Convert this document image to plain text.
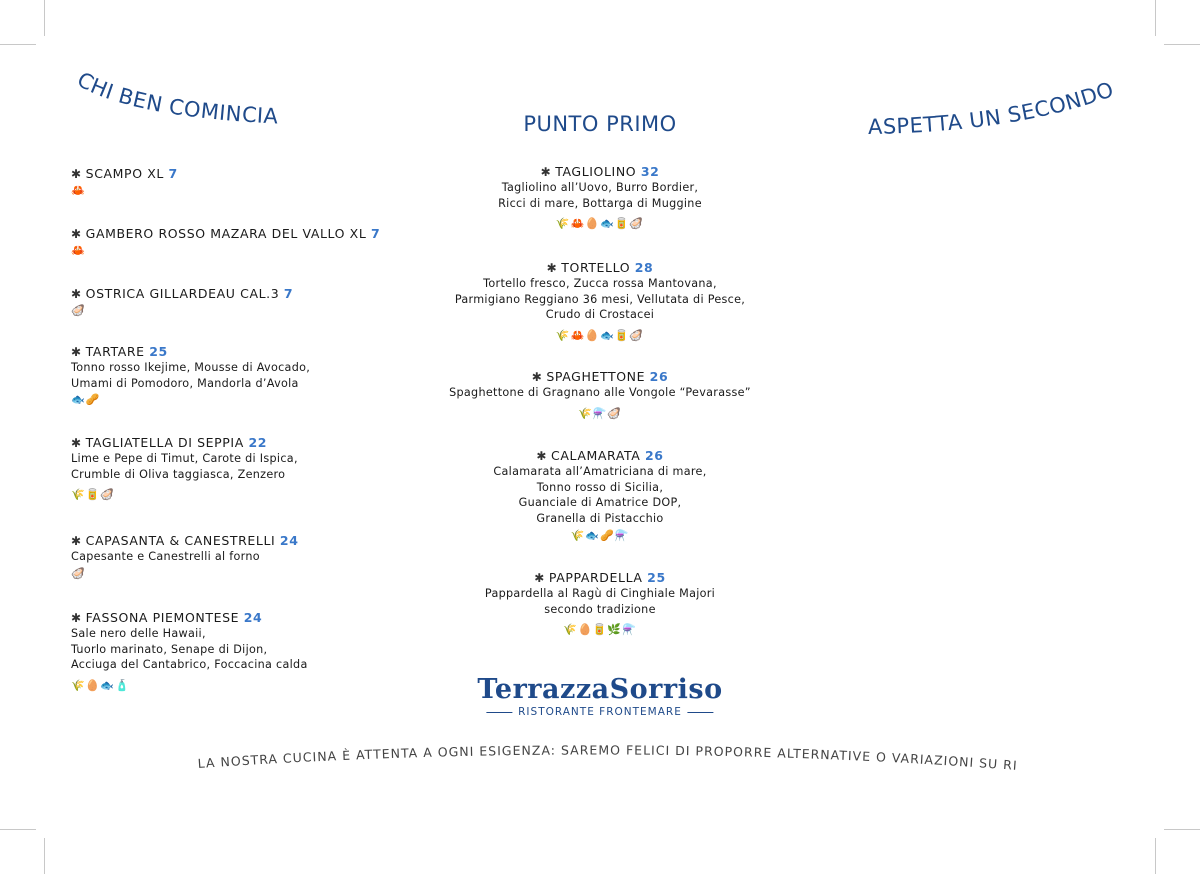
CHI BEN COMINCIA	PUNTO PRIMO	ASPETTA UN SECONDO
✱ SCAMPO XL 7
🦀
✱ GAMBERO ROSSO MAZARA DEL VALLO XL 7
🦀
✱ OSTRICA GILLARDEAU CAL.3 7
🦪
✱ TARTARE 25
Tonno rosso Ikejime, Mousse di Avocado,
Umami di Pomodoro, Mandorla d’Avola
🐟🥜
✱ TAGLIATELLA DI SEPPIA 22
Lime e Pepe di Timut, Carote di Ispica,
Crumble di Oliva taggiasca, Zenzero
🌾🥫🦪
✱ CAPASANTA & CANESTRELLI 24
Capesante e Canestrelli al forno
🦪
✱ FASSONA PIEMONTESE 24
Sale nero delle Hawaii,
Tuorlo marinato, Senape di Dijon,
Acciuga del Cantabrico, Foccacina calda
🌾🥚🐟🧴
✱ TAGLIOLINO 32
Tagliolino all’Uovo, Burro Bordier,
Ricci di mare, Bottarga di Muggine
🌾🦀🥚🐟🥫🦪
✱ TORTELLO 28
Tortello fresco, Zucca rossa Mantovana,
Parmigiano Reggiano 36 mesi, Vellutata di Pesce,
Crudo di Crostacei
🌾🦀🥚🐟🥫🦪
✱ SPAGHETTONE 26
Spaghettone di Gragnano alle Vongole “Pevarasse”
🌾⚗️🦪
✱ CALAMARATA 26
Calamarata all’Amatriciana di mare,
Tonno rosso di Sicilia,
Guanciale di Amatrice DOP,
Granella di Pistacchio
🌾🐟🥜⚗️
✱ PAPPARDELLA 25
Pappardella al Ragù di Cinghiale Majori
secondo tradizione
🌾🥚🥫🌿⚗️
TerrazzaSorriso
RISTORANTE FRONTEMARE
LA NOSTRA CUCINA È ATTENTA A OGNI ESIGENZA: SAREMO FELICI DI PROPORRE ALTERNATIVE O VARIAZIONI SU RICHIESTA.
